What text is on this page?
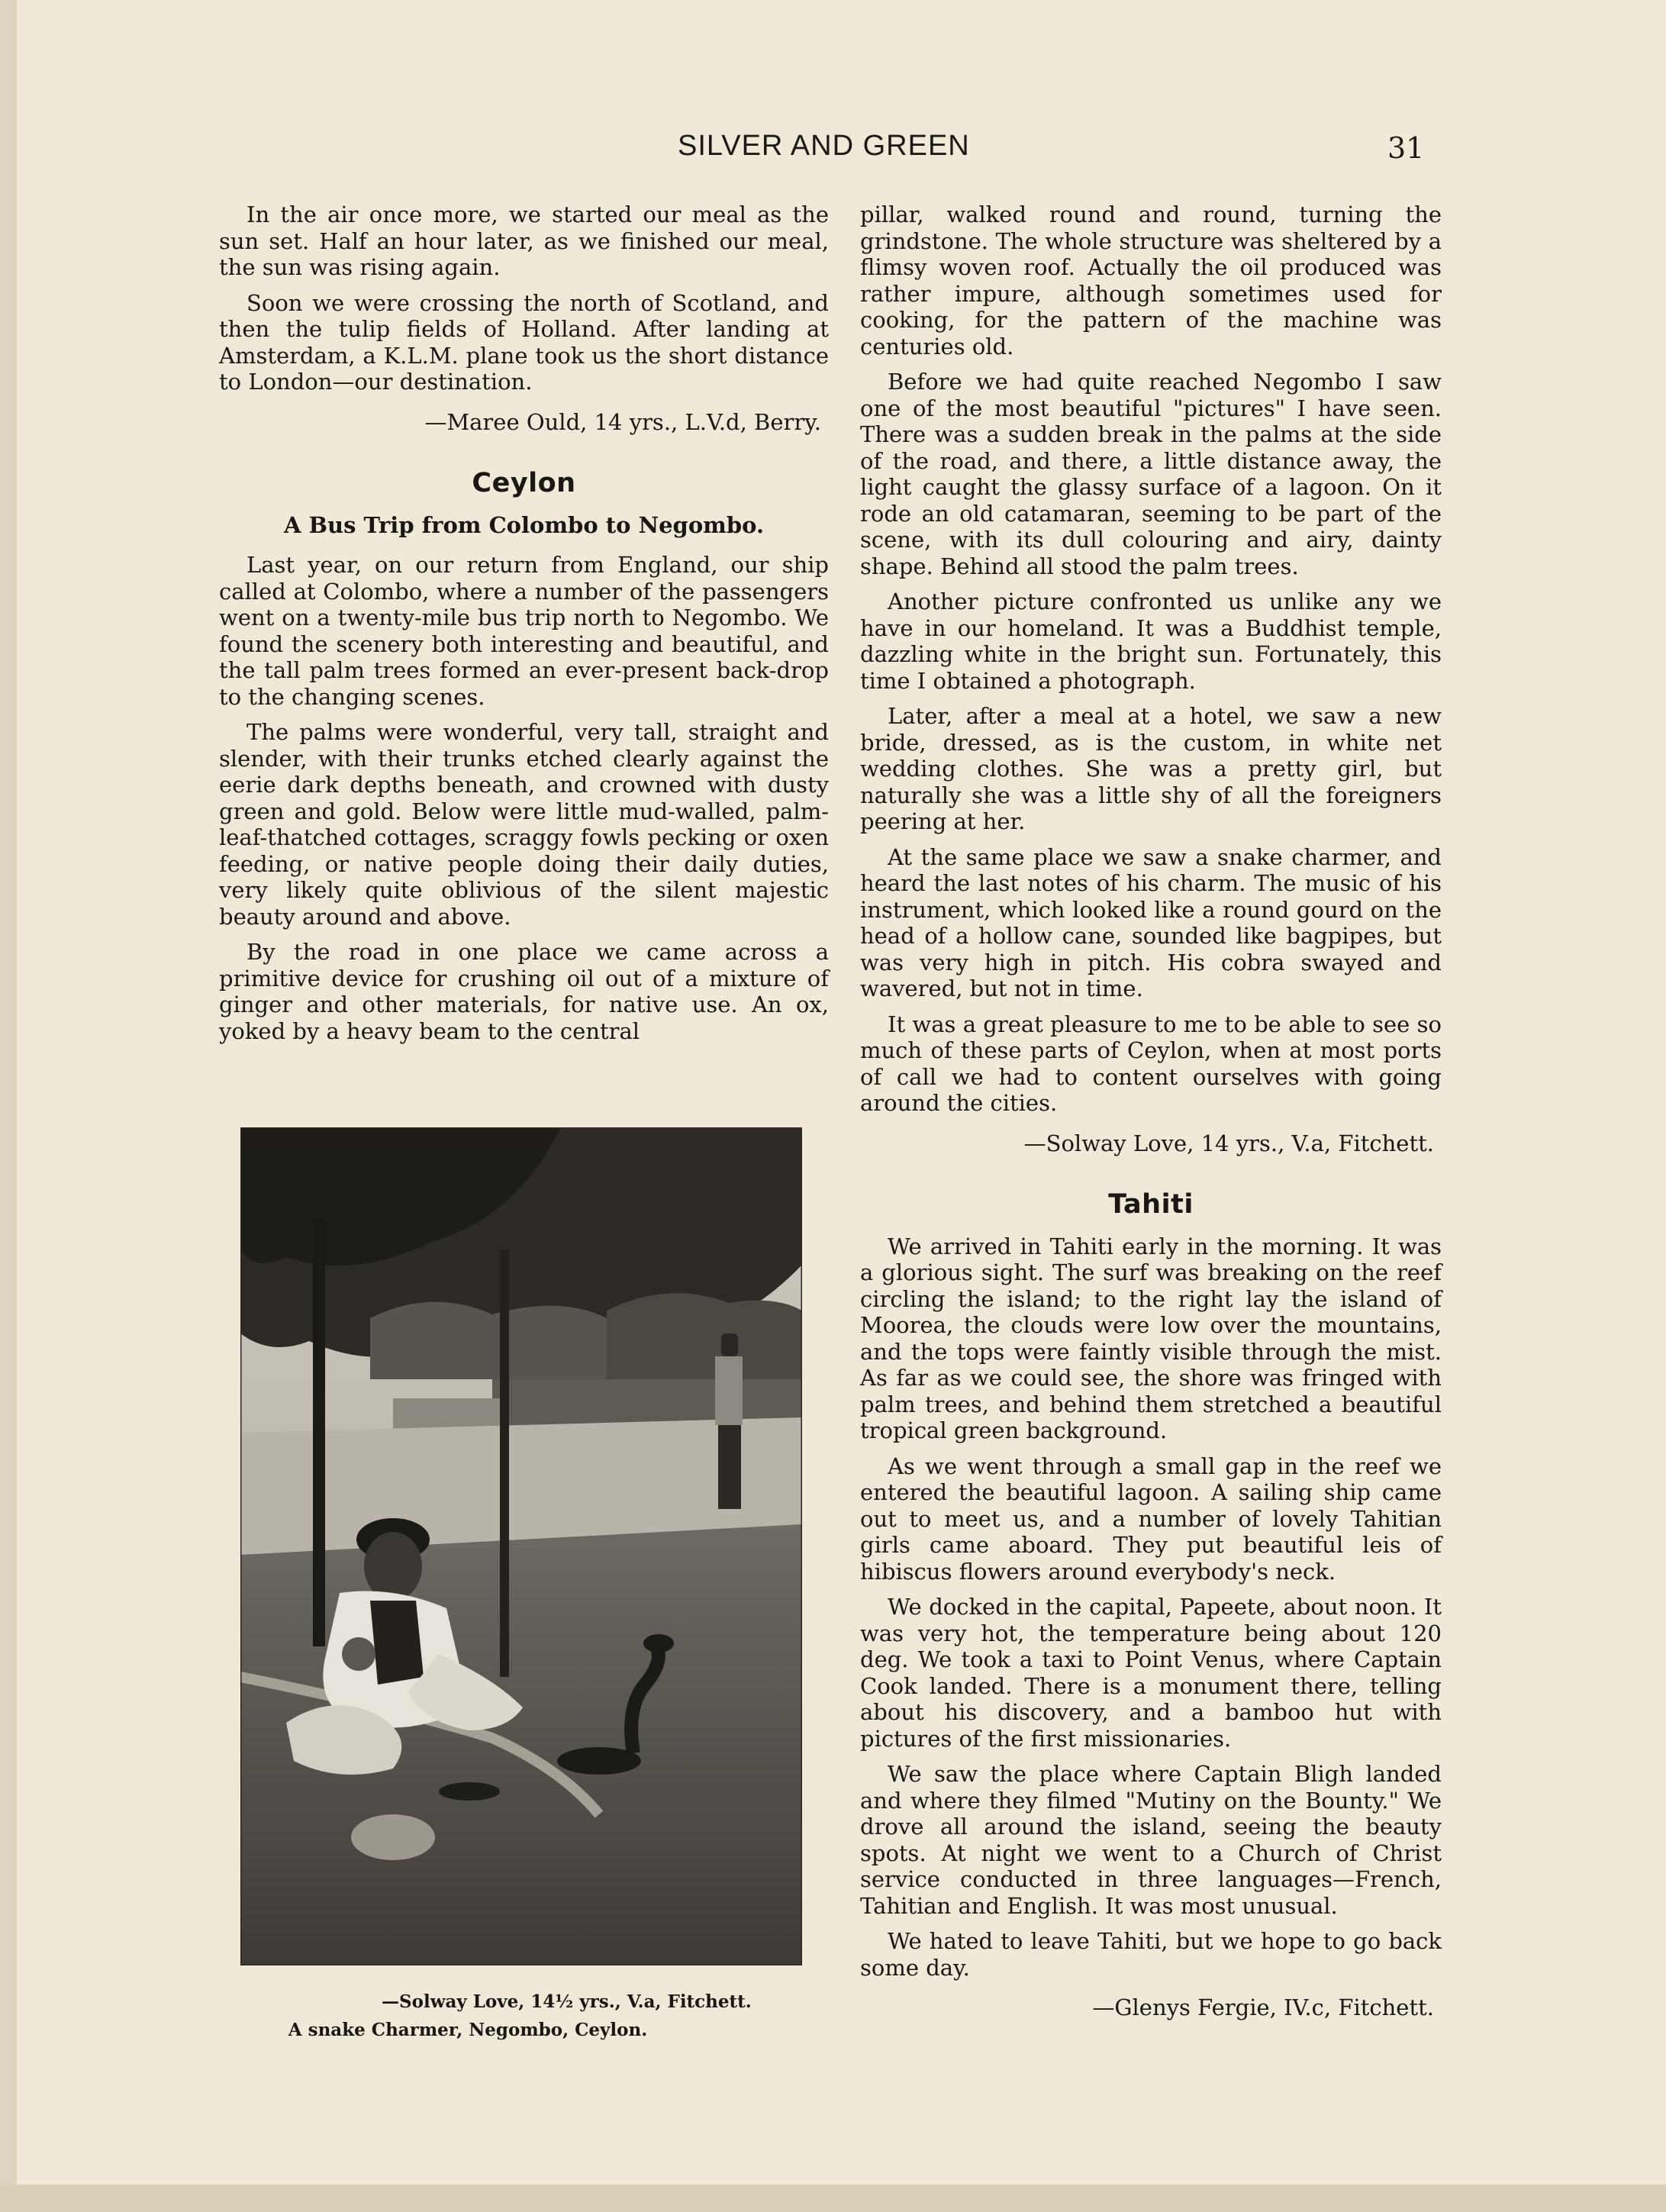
SILVER AND GREEN	31

In the air once more, we started our meal as the sun set. Half an hour later, as we finished our meal, the sun was rising again.

Soon we were crossing the north of Scotland, and then the tulip fields of Holland. After landing at Amsterdam, a K.L.M. plane took us the short distance to London—our destination.

—Maree Ould, 14 yrs., L.V.d, Berry.

Ceylon
A Bus Trip from Colombo to Negombo.

Last year, on our return from England, our ship called at Colombo, where a number of the passengers went on a twenty-mile bus trip north to Negombo. We found the scenery both interesting and beautiful, and the tall palm trees formed an ever-present back-drop to the changing scenes.

The palms were wonderful, very tall, straight and slender, with their trunks etched clearly against the eerie dark depths beneath, and crowned with dusty green and gold. Below were little mud-walled, palm-leaf-thatched cottages, scraggy fowls pecking or oxen feeding, or native people doing their daily duties, very likely quite oblivious of the silent majestic beauty around and above.

By the road in one place we came across a primitive device for crushing oil out of a mixture of ginger and other materials, for native use. An ox, yoked by a heavy beam to the central

—Solway Love, 14½ yrs., V.a, Fitchett.
A snake Charmer, Negombo, Ceylon.

pillar, walked round and round, turning the grindstone. The whole structure was sheltered by a flimsy woven roof. Actually the oil produced was rather impure, although sometimes used for cooking, for the pattern of the machine was centuries old.

Before we had quite reached Negombo I saw one of the most beautiful "pictures" I have seen. There was a sudden break in the palms at the side of the road, and there, a little distance away, the light caught the glassy surface of a lagoon. On it rode an old catamaran, seeming to be part of the scene, with its dull colouring and airy, dainty shape. Behind all stood the palm trees.

Another picture confronted us unlike any we have in our homeland. It was a Buddhist temple, dazzling white in the bright sun. Fortunately, this time I obtained a photograph.

Later, after a meal at a hotel, we saw a new bride, dressed, as is the custom, in white net wedding clothes. She was a pretty girl, but naturally she was a little shy of all the foreigners peering at her.

At the same place we saw a snake charmer, and heard the last notes of his charm. The music of his instrument, which looked like a round gourd on the head of a hollow cane, sounded like bagpipes, but was very high in pitch. His cobra swayed and wavered, but not in time.

It was a great pleasure to me to be able to see so much of these parts of Ceylon, when at most ports of call we had to content ourselves with going around the cities.

—Solway Love, 14 yrs., V.a, Fitchett.

Tahiti

We arrived in Tahiti early in the morning. It was a glorious sight. The surf was breaking on the reef circling the island; to the right lay the island of Moorea, the clouds were low over the mountains, and the tops were faintly visible through the mist. As far as we could see, the shore was fringed with palm trees, and behind them stretched a beautiful tropical green background.

As we went through a small gap in the reef we entered the beautiful lagoon. A sailing ship came out to meet us, and a number of lovely Tahitian girls came aboard. They put beautiful leis of hibiscus flowers around everybody's neck.

We docked in the capital, Papeete, about noon. It was very hot, the temperature being about 120 deg. We took a taxi to Point Venus, where Captain Cook landed. There is a monument there, telling about his discovery, and a bamboo hut with pictures of the first missionaries.

We saw the place where Captain Bligh landed and where they filmed "Mutiny on the Bounty." We drove all around the island, seeing the beauty spots. At night we went to a Church of Christ service conducted in three languages—French, Tahitian and English. It was most unusual.

We hated to leave Tahiti, but we hope to go back some day.

—Glenys Fergie, IV.c, Fitchett.
